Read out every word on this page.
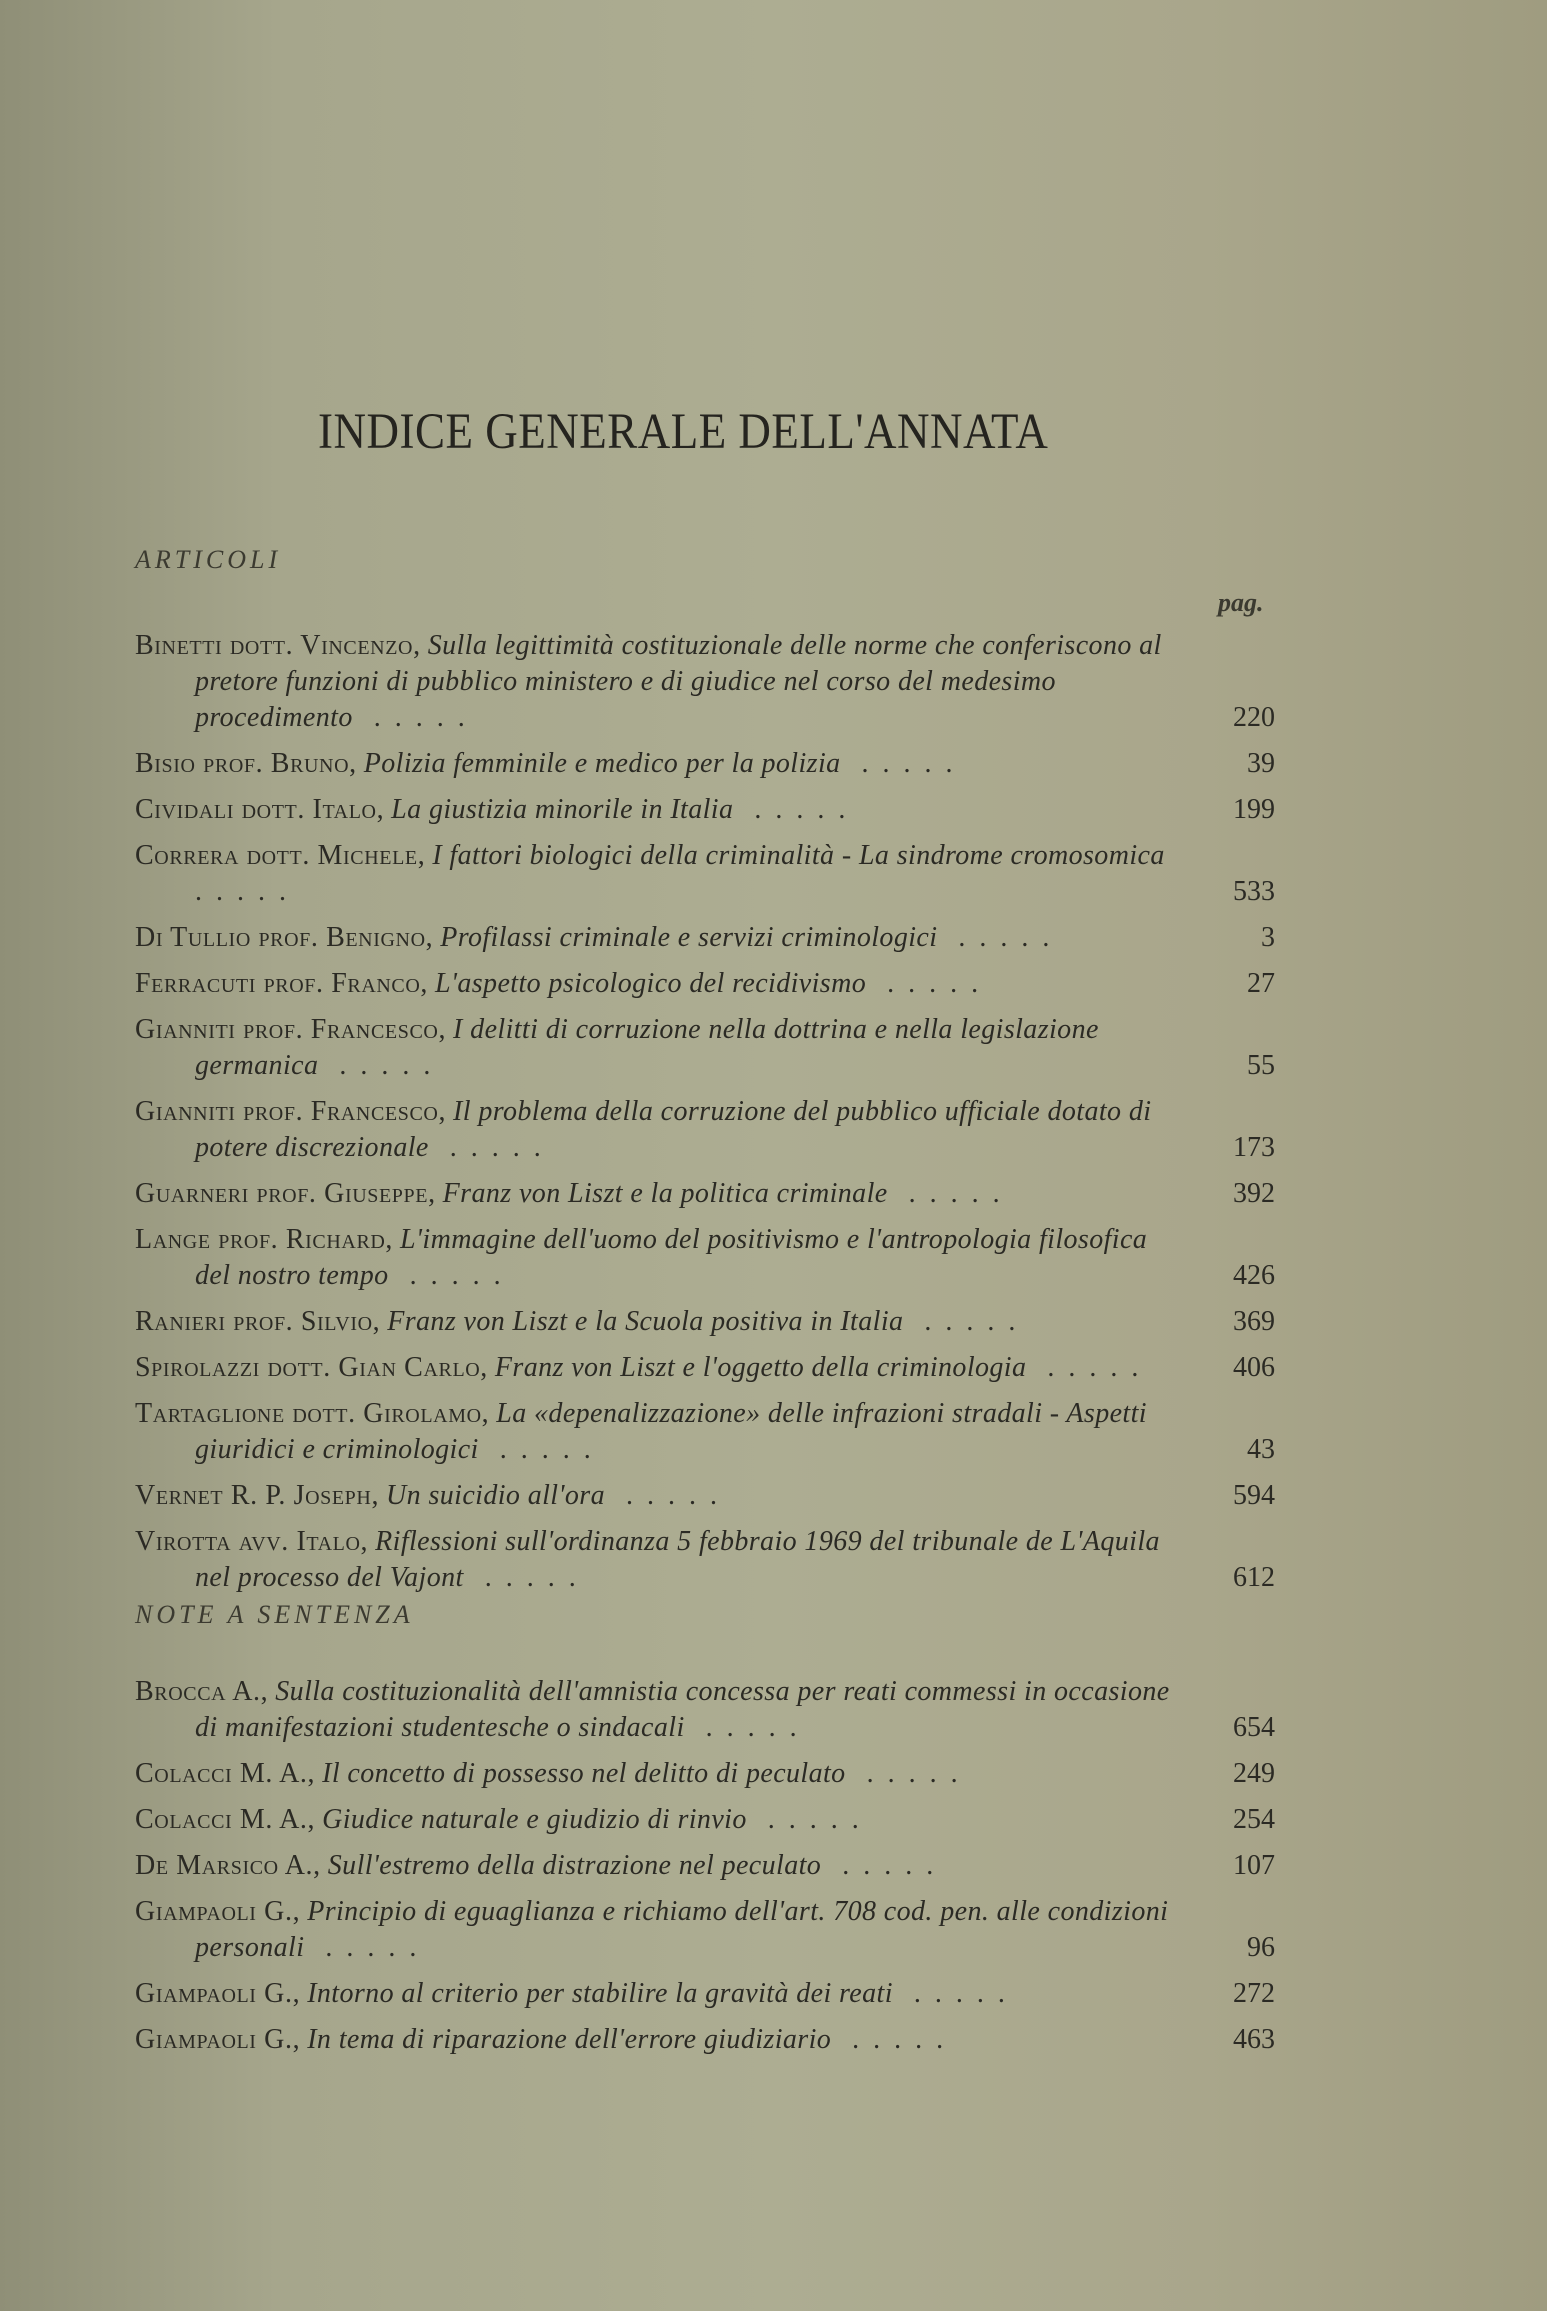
INDICE GENERALE DELL'ANNATA
ARTICOLI
pag.
Binetti dott. Vincenzo, Sulla legittimità costituzionale delle norme che conferiscono al pretore funzioni di pubblico ministero e di giudice nel corso del medesimo procedimento .....	220
Bisio prof. Bruno, Polizia femminile e medico per la polizia .....	39
Cividali dott. Italo, La giustizia minorile in Italia .....	199
Correra dott. Michele, I fattori biologici della criminalità - La sindrome cromosomica .....	533
Di Tullio prof. Benigno, Profilassi criminale e servizi criminologici .....	3
Ferracuti prof. Franco, L'aspetto psicologico del recidivismo .....	27
Gianniti prof. Francesco, I delitti di corruzione nella dottrina e nella legislazione germanica .....	55
Gianniti prof. Francesco, Il problema della corruzione del pubblico ufficiale dotato di potere discrezionale .....	173
Guarneri prof. Giuseppe, Franz von Liszt e la politica criminale .....	392
Lange prof. Richard, L'immagine dell'uomo del positivismo e l'antropologia filosofica del nostro tempo .....	426
Ranieri prof. Silvio, Franz von Liszt e la Scuola positiva in Italia .....	369
Spirolazzi dott. Gian Carlo, Franz von Liszt e l'oggetto della criminologia .....	406
Tartaglione dott. Girolamo, La «depenalizzazione» delle infrazioni stradali - Aspetti giuridici e criminologici .....	43
Vernet R. P. Joseph, Un suicidio all'ora .....	594
Virotta avv. Italo, Riflessioni sull'ordinanza 5 febbraio 1969 del tribunale de L'Aquila nel processo del Vajont .....	612
NOTE A SENTENZA
Brocca A., Sulla costituzionalità dell'amnistia concessa per reati commessi in occasione di manifestazioni studentesche o sindacali .....	654
Colacci M. A., Il concetto di possesso nel delitto di peculato .....	249
Colacci M. A., Giudice naturale e giudizio di rinvio .....	254
De Marsico A., Sull'estremo della distrazione nel peculato .....	107
Giampaoli G., Principio di eguaglianza e richiamo dell'art. 708 cod. pen. alle condizioni personali .....	96
Giampaoli G., Intorno al criterio per stabilire la gravità dei reati .....	272
Giampaoli G., In tema di riparazione dell'errore giudiziario .....	463
